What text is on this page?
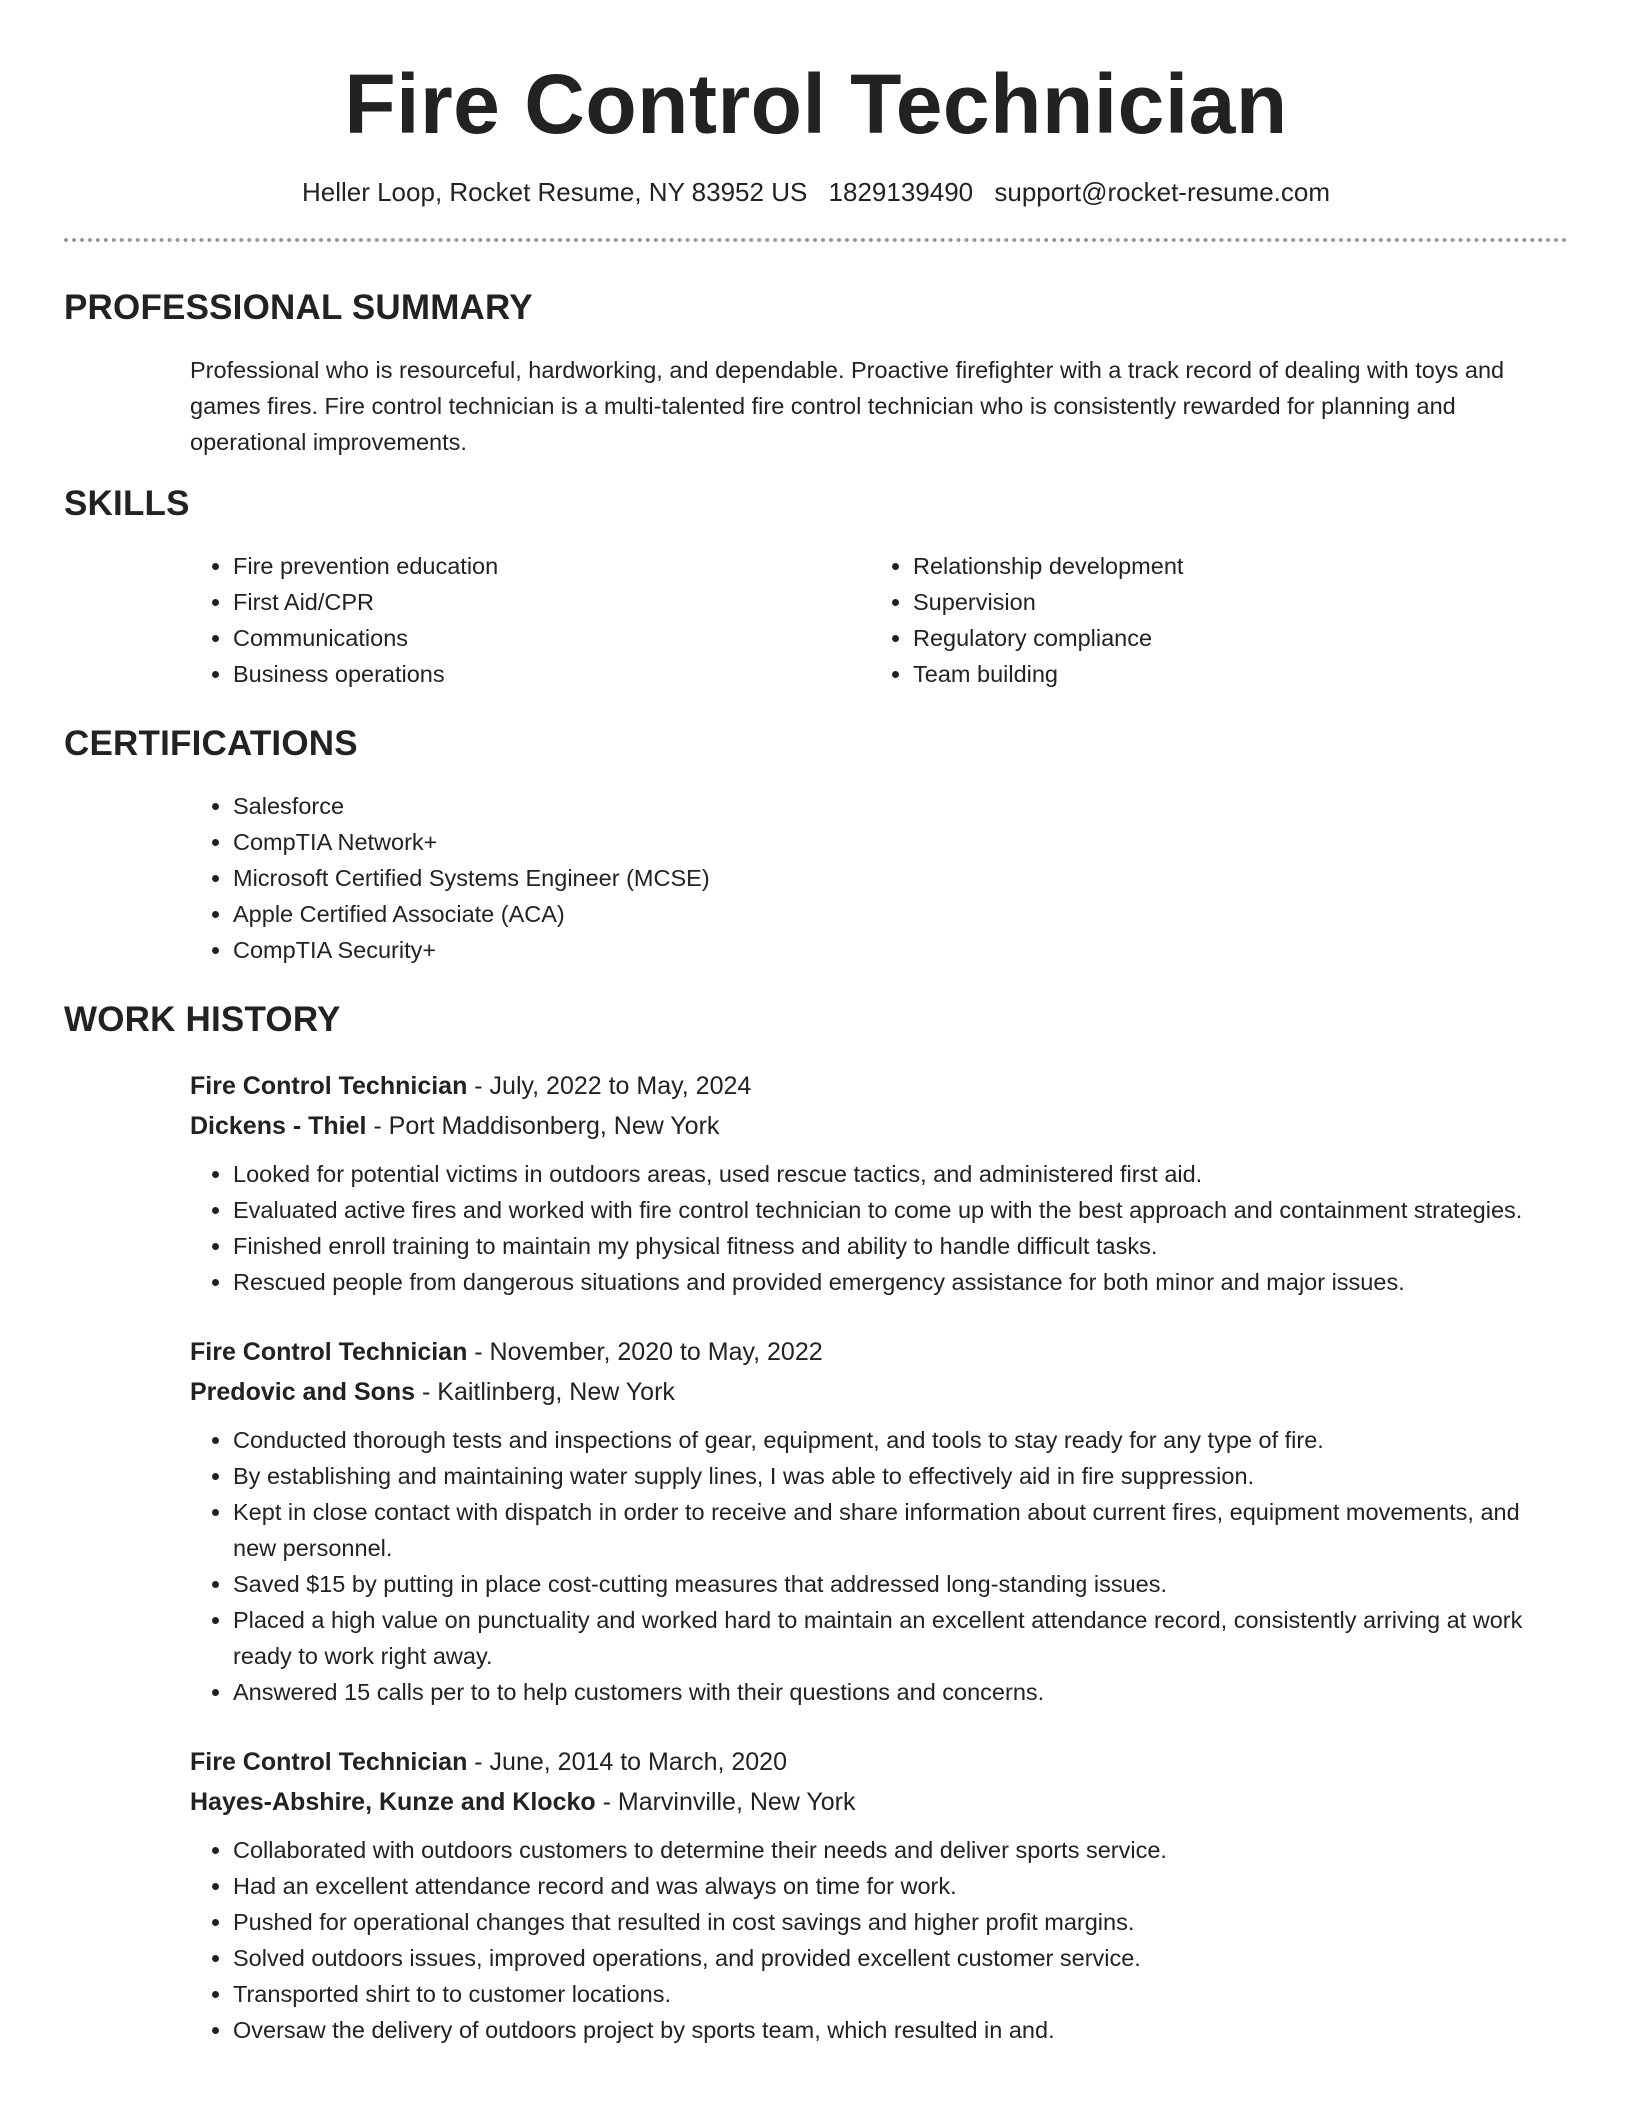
Fire Control Technician
Heller Loop, Rocket Resume, NY 83952 US 1829139490 support@rocket-resume.com
PROFESSIONAL SUMMARY
Professional who is resourceful, hardworking, and dependable. Proactive firefighter with a track record of dealing with toys and games fires. Fire control technician is a multi-talented fire control technician who is consistently rewarded for planning and operational improvements.
SKILLS
• Fire prevention education
• First Aid/CPR
• Communications
• Business operations
• Relationship development
• Supervision
• Regulatory compliance
• Team building
CERTIFICATIONS
• Salesforce
• CompTIA Network+
• Microsoft Certified Systems Engineer (MCSE)
• Apple Certified Associate (ACA)
• CompTIA Security+
WORK HISTORY
Fire Control Technician - July, 2022 to May, 2024
Dickens - Thiel - Port Maddisonberg, New York
• Looked for potential victims in outdoors areas, used rescue tactics, and administered first aid.
• Evaluated active fires and worked with fire control technician to come up with the best approach and containment strategies.
• Finished enroll training to maintain my physical fitness and ability to handle difficult tasks.
• Rescued people from dangerous situations and provided emergency assistance for both minor and major issues.
Fire Control Technician - November, 2020 to May, 2022
Predovic and Sons - Kaitlinberg, New York
• Conducted thorough tests and inspections of gear, equipment, and tools to stay ready for any type of fire.
• By establishing and maintaining water supply lines, I was able to effectively aid in fire suppression.
• Kept in close contact with dispatch in order to receive and share information about current fires, equipment movements, and new personnel.
• Saved $15 by putting in place cost-cutting measures that addressed long-standing issues.
• Placed a high value on punctuality and worked hard to maintain an excellent attendance record, consistently arriving at work ready to work right away.
• Answered 15 calls per to to help customers with their questions and concerns.
Fire Control Technician - June, 2014 to March, 2020
Hayes-Abshire, Kunze and Klocko - Marvinville, New York
• Collaborated with outdoors customers to determine their needs and deliver sports service.
• Had an excellent attendance record and was always on time for work.
• Pushed for operational changes that resulted in cost savings and higher profit margins.
• Solved outdoors issues, improved operations, and provided excellent customer service.
• Transported shirt to to customer locations.
• Oversaw the delivery of outdoors project by sports team, which resulted in and.
